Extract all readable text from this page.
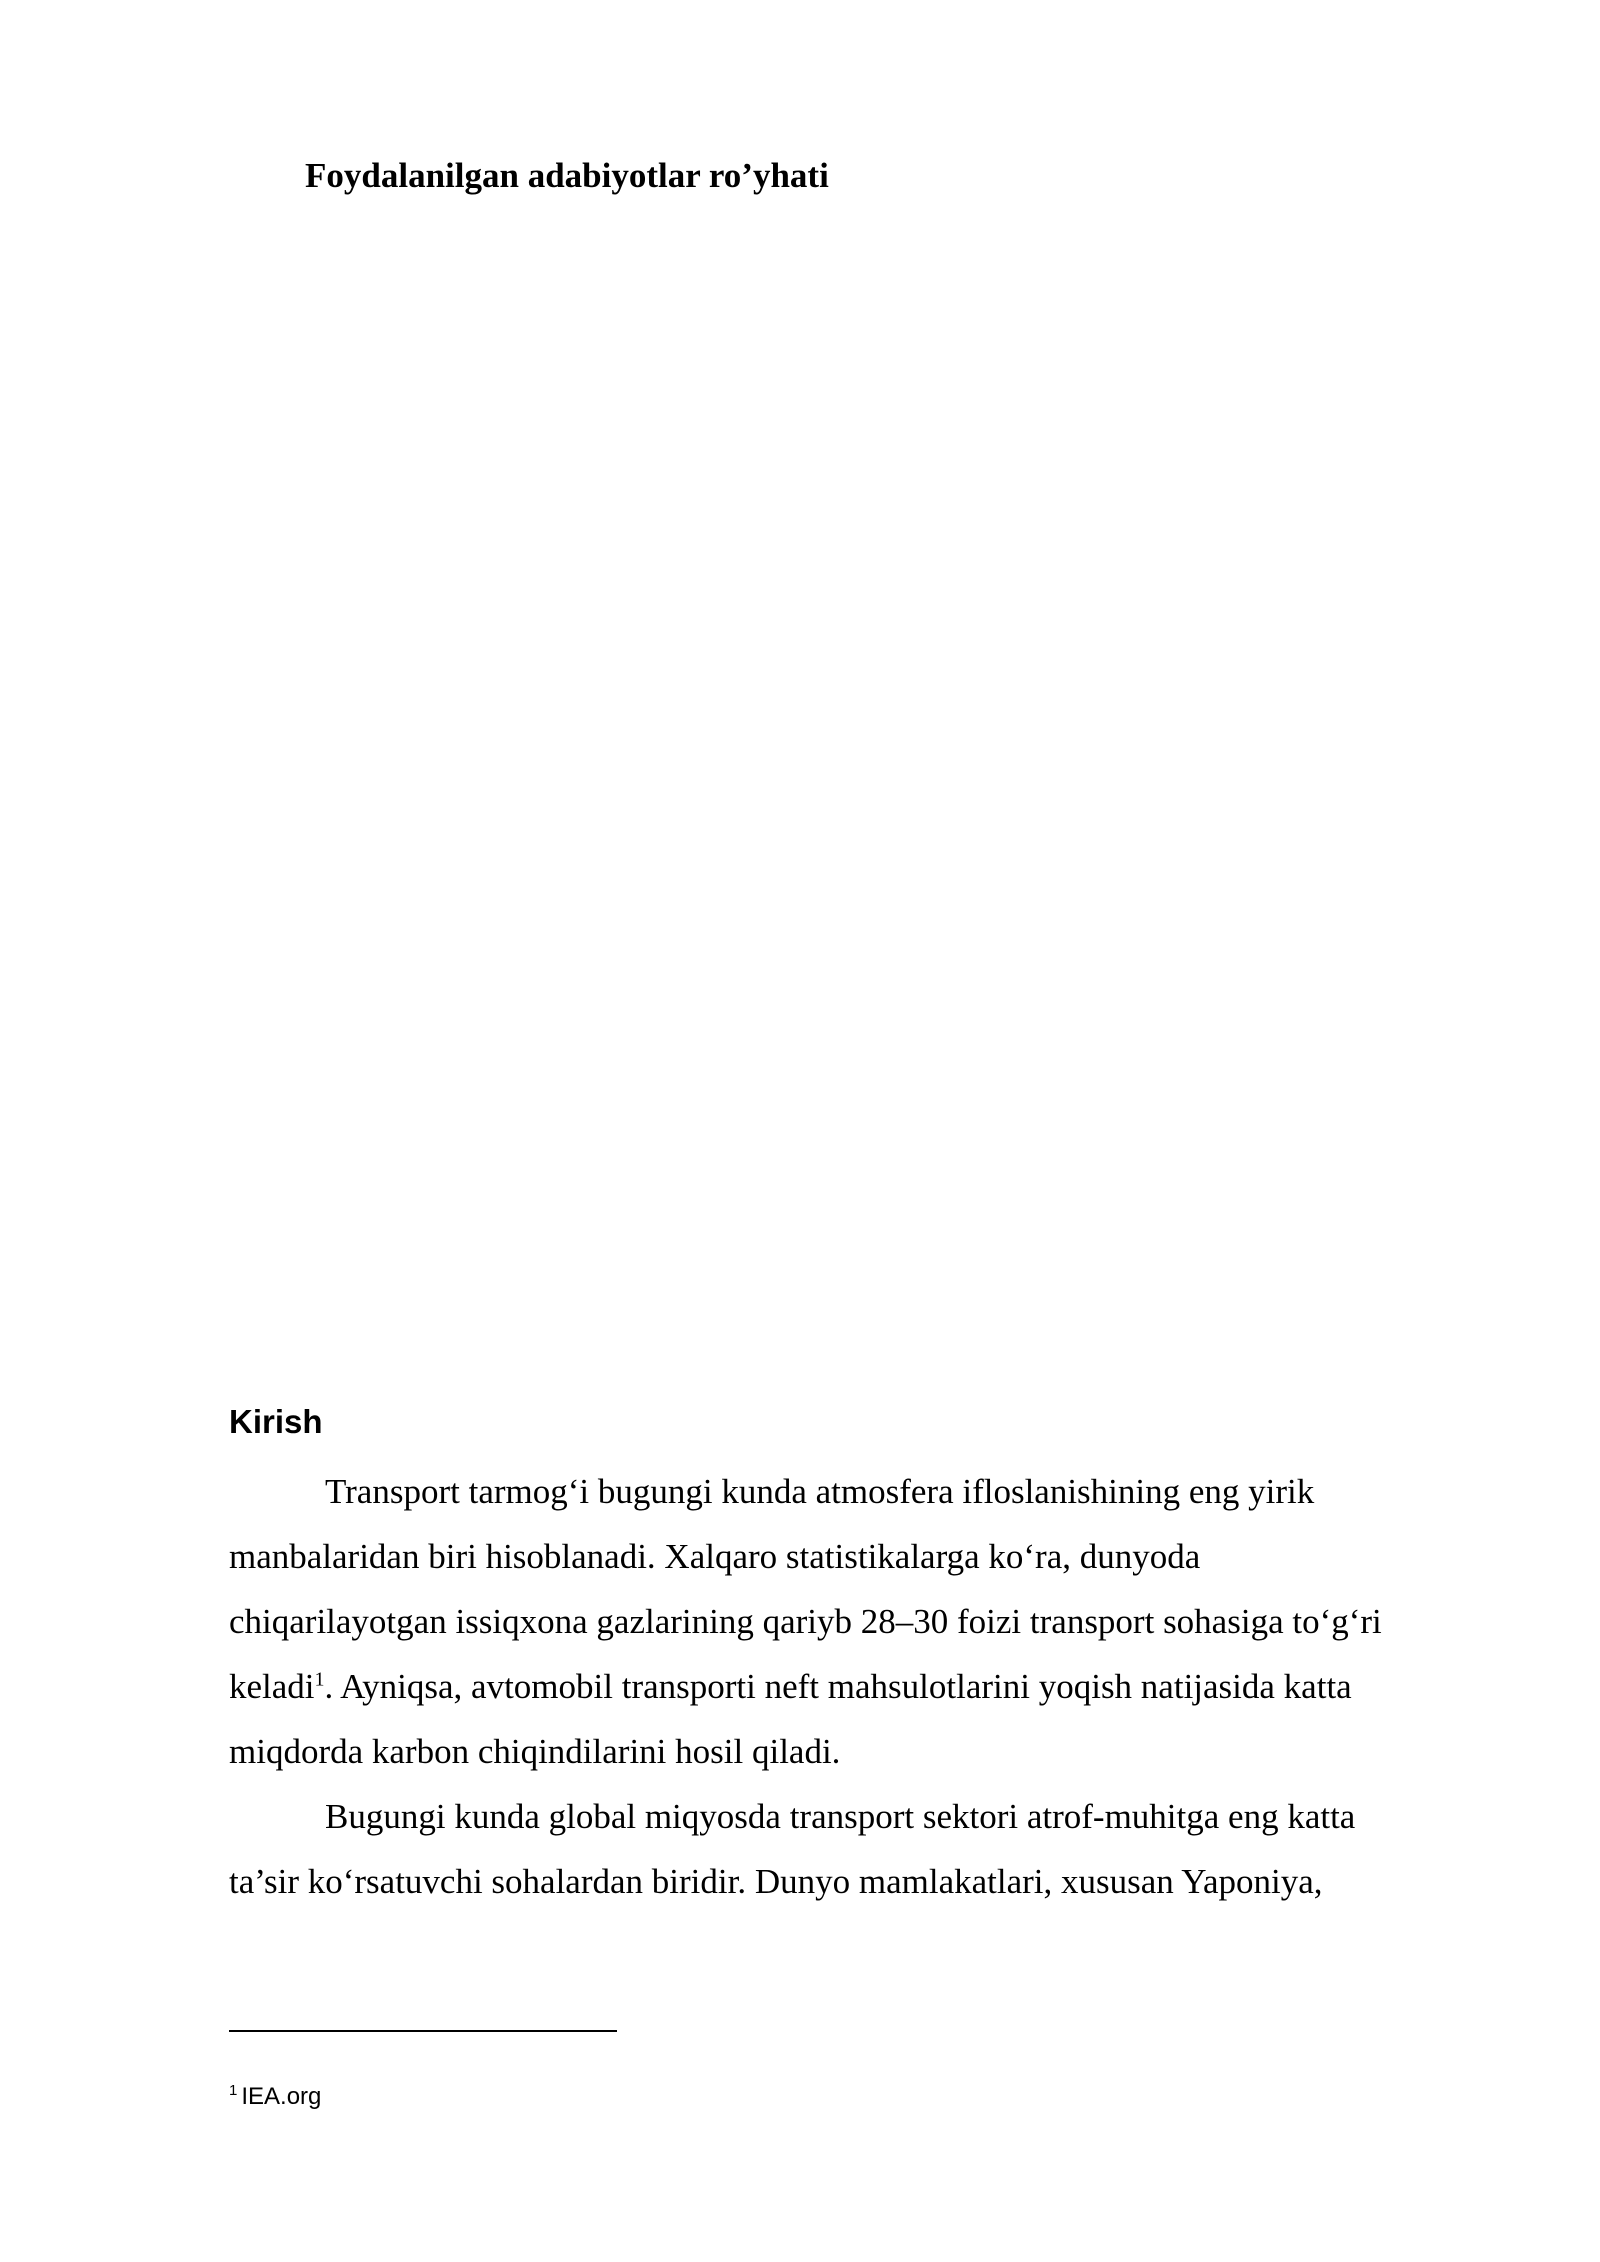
Foydalanilgan adabiyotlar ro’yhati
Kirish
Transport tarmog‘i bugungi kunda atmosfera ifloslanishining eng yirik
manbalaridan biri hisoblanadi. Xalqaro statistikalarga ko‘ra, dunyoda
chiqarilayotgan issiqxona gazlarining qariyb 28–30 foizi transport sohasiga to‘g‘ri
keladi$^1$. Ayniqsa, avtomobil transporti neft mahsulotlarini yoqish natijasida katta
miqdorda karbon chiqindilarini hosil qiladi.
Bugungi kunda global miqyosda transport sektori atrof-muhitga eng katta
ta’sir ko‘rsatuvchi sohalardan biridir. Dunyo mamlakatlari, xususan Yaponiya,
$^1$ IEA.org
